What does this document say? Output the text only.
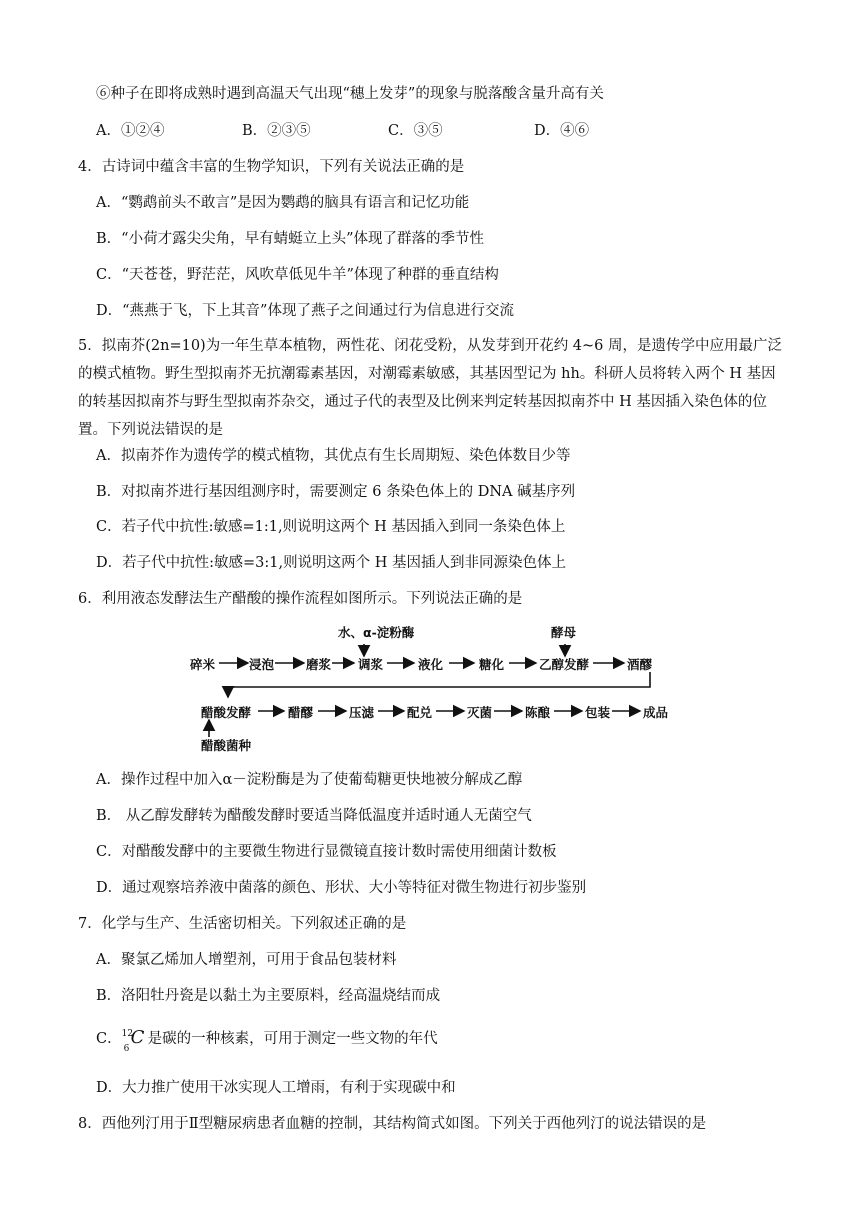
⑥种子在即将成熟时遇到高温天气出现“穗上发芽”的现象与脱落酸含量升高有关
A．①②④	B．②③⑤	C．③⑤	D．④⑥
4．古诗词中蕴含丰富的生物学知识，下列有关说法正确的是
A．“鹦鹉前头不敢言”是因为鹦鹉的脑具有语言和记忆功能
B．“小荷才露尖尖角，早有蜻蜓立上头”体现了群落的季节性
C．“天苍苍，野茫茫，风吹草低见牛羊”体现了种群的垂直结构
D．“燕燕于飞，下上其音”体现了燕子之间通过行为信息进行交流
5．拟南芥(2n=10)为一年生草本植物，两性花、闭花受粉，从发芽到开花约 4~6 周，是遗传学中应用最广泛的模式植物。野生型拟南芥无抗潮霉素基因，对潮霉素敏感，其基因型记为 hh。科研人员将转入两个 H 基因的转基因拟南芥与野生型拟南芥杂交，通过子代的表型及比例来判定转基因拟南芥中 H 基因插入染色体的位置。下列说法错误的是
A．拟南芥作为遗传学的模式植物，其优点有生长周期短、染色体数目少等
B．对拟南芥进行基因组测序时，需要测定 6 条染色体上的 DNA 碱基序列
C．若子代中抗性:敏感=1:1,则说明这两个 H 基因插入到同一条染色体上
D．若子代中抗性:敏感=3:1,则说明这两个 H 基因插人到非同源染色体上
6．利用液态发酵法生产醋酸的操作流程如图所示。下列说法正确的是
水、α-淀粉酶	酵母
碎米	浸泡	磨浆 调浆	液化	糖化	乙醇发酵	酒醪
醋酸发酵	醋醪	压滤	配兑	灭菌	陈酿	包装	成品
醋酸菌种
A．操作过程中加入α－淀粉酶是为了使葡萄糖更快地被分解成乙醇
B． 从乙醇发酵转为醋酸发酵时要适当降低温度并适时通人无菌空气
C．对醋酸发酵中的主要微生物进行显微镜直接计数时需使用细菌计数板
D．通过观察培养液中菌落的颜色、形状、大小等特征对微生物进行初步鉴别
7．化学与生产、生活密切相关。下列叙述正确的是
A．聚氯乙烯加人增塑剂，可用于食品包装材料
B．洛阳牡丹瓷是以黏土为主要原料，经高温烧结而成
C． 12
6
C 是碳的一种核素，可用于测定一些文物的年代
D．大力推广使用干冰实现人工增雨，有利于实现碳中和
8．西他列汀用于Ⅱ型糖尿病患者血糖的控制，其结构简式如图。下列关于西他列汀的说法错误的是
